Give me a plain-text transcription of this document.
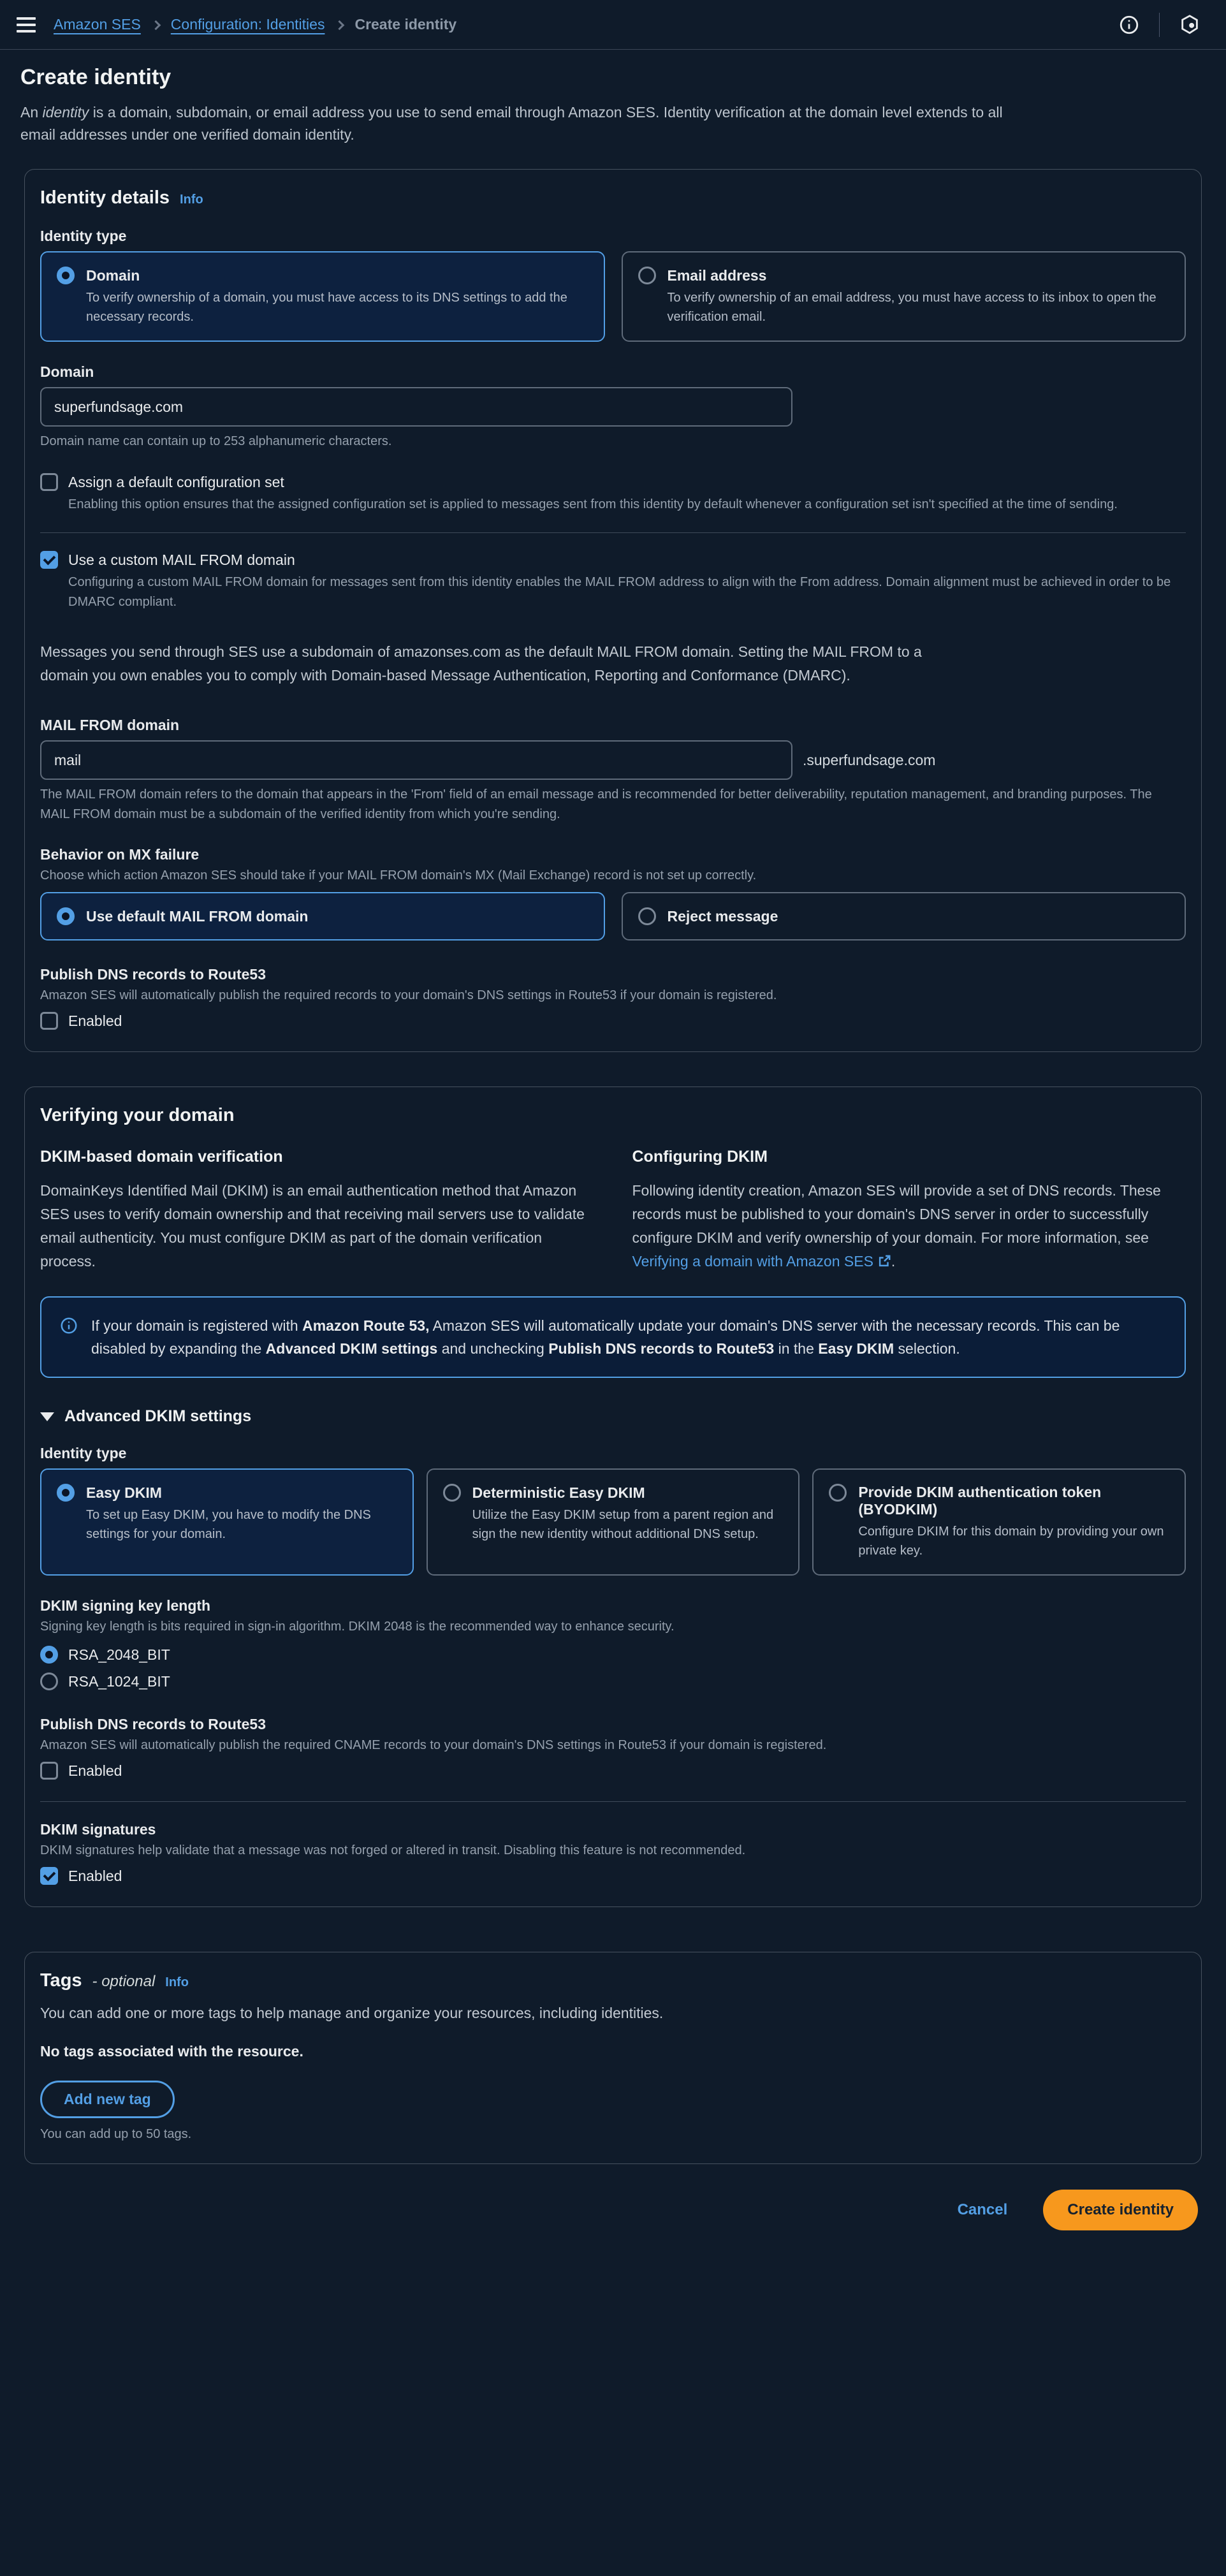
Amazon SES Configuration: Identities Create identity
Create identity

An identity is a domain, subdomain, or email address you use to send email through Amazon SES. Identity verification at the domain level extends to all email addresses under one verified domain identity.

Identity details Info
Identity type
Domain
To verify ownership of a domain, you must have access to its DNS settings to add the necessary records.
Email address
To verify ownership of an email address, you must have access to its inbox to open the verification email.
Domain
superfundsage.com
Domain name can contain up to 253 alphanumeric characters.
Assign a default configuration set
Enabling this option ensures that the assigned configuration set is applied to messages sent from this identity by default whenever a configuration set isn't specified at the time of sending.
Use a custom MAIL FROM domain
Configuring a custom MAIL FROM domain for messages sent from this identity enables the MAIL FROM address to align with the From address. Domain alignment must be achieved in order to be DMARC compliant.

Messages you send through SES use a subdomain of amazonses.com as the default MAIL FROM domain. Setting the MAIL FROM to a domain you own enables you to comply with Domain-based Message Authentication, Reporting and Conformance (DMARC).

MAIL FROM domain
mail
.superfundsage.com
The MAIL FROM domain refers to the domain that appears in the 'From' field of an email message and is recommended for better deliverability, reputation management, and branding purposes. The MAIL FROM domain must be a subdomain of the verified identity from which you're sending.
Behavior on MX failure
Choose which action Amazon SES should take if your MAIL FROM domain's MX (Mail Exchange) record is not set up correctly.
Use default MAIL FROM domain	Reject message
Publish DNS records to Route53
Amazon SES will automatically publish the required records to your domain's DNS settings in Route53 if your domain is registered.
Enabled
Verifying your domain
DKIM-based domain verification

DomainKeys Identified Mail (DKIM) is an email authentication method that Amazon SES uses to verify domain ownership and that receiving mail servers use to validate email authenticity. You must configure DKIM as part of the domain verification process.

Configuring DKIM

Following identity creation, Amazon SES will provide a set of DNS records. These records must be published to your domain's DNS server in order to successfully configure DKIM and verify ownership of your domain. For more information, see Verifying a domain with Amazon SES .

If your domain is registered with Amazon Route 53, Amazon SES will automatically update your domain's DNS server with the necessary records. This can be disabled by expanding the Advanced DKIM settings and unchecking Publish DNS records to Route53 in the Easy DKIM selection.
Advanced DKIM settings
Identity type
Easy DKIM
To set up Easy DKIM, you have to modify the DNS settings for your domain.
Deterministic Easy DKIM
Utilize the Easy DKIM setup from a parent region and sign the new identity without additional DNS setup.
Provide DKIM authentication token (BYODKIM)
Configure DKIM for this domain by providing your own private key.
DKIM signing key length
Signing key length is bits required in sign-in algorithm. DKIM 2048 is the recommended way to enhance security.
RSA_2048_BIT
RSA_1024_BIT
Publish DNS records to Route53
Amazon SES will automatically publish the required CNAME records to your domain's DNS settings in Route53 if your domain is registered.
Enabled
DKIM signatures
DKIM signatures help validate that a message was not forged or altered in transit. Disabling this feature is not recommended.
Enabled
Tags - optional Info

You can add one or more tags to help manage and organize your resources, including identities.

No tags associated with the resource.
Add new tag
You can add up to 50 tags.
Cancel	Create identity
